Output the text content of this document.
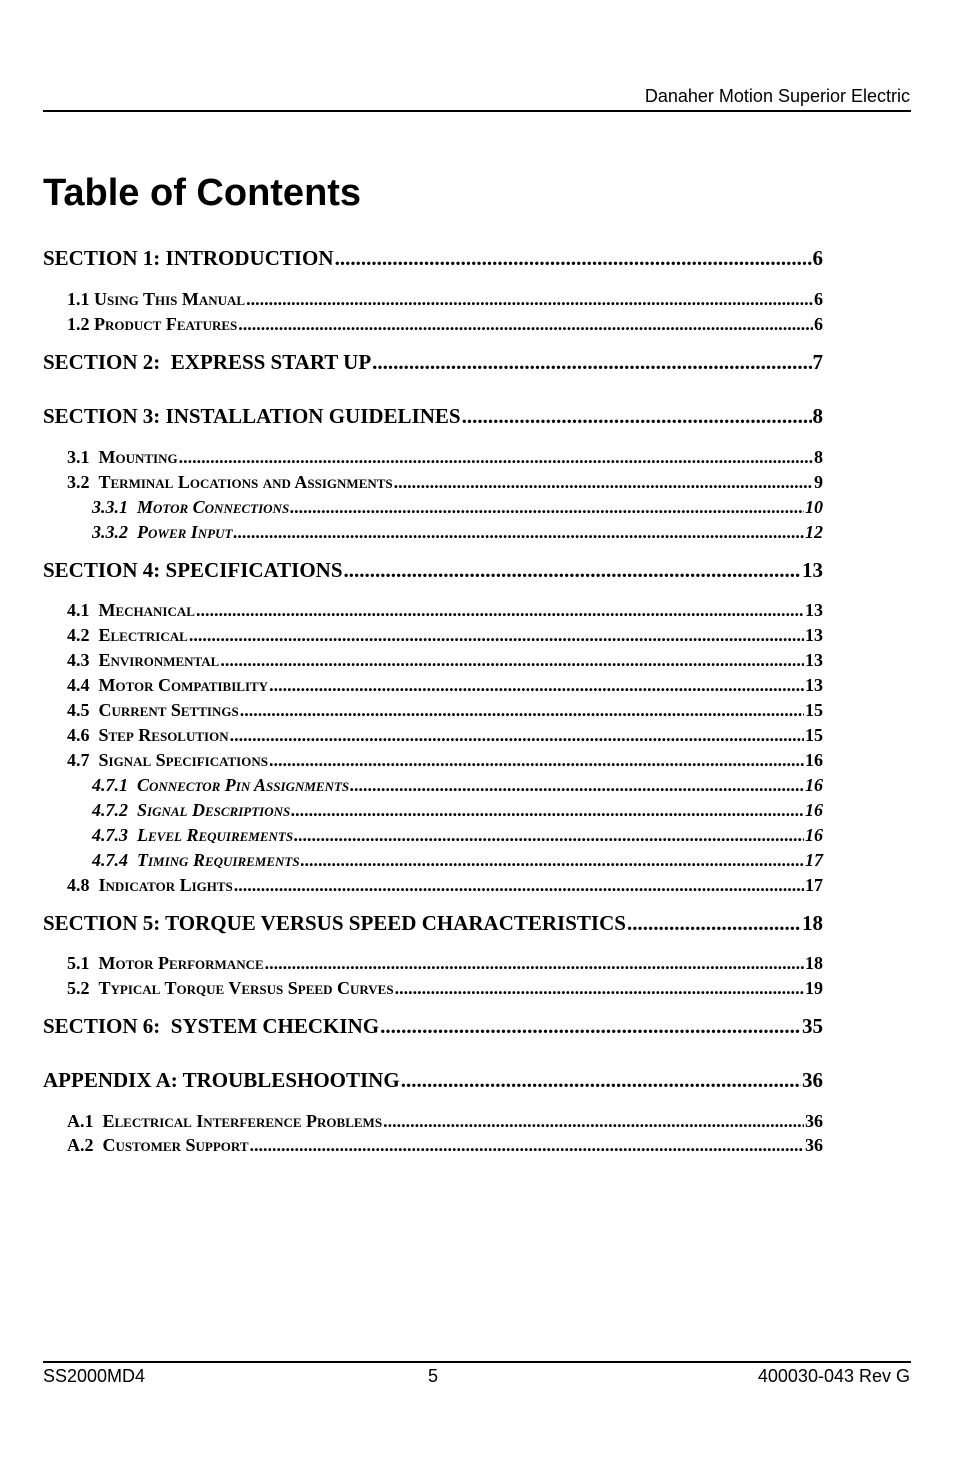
Danaher Motion Superior Electric
Table of Contents
SECTION 1: INTRODUCTION .....	6
1.1 Using This Manual .....	6
1.2 Product Features .....	6
SECTION 2: EXPRESS START UP .....	7
SECTION 3: INSTALLATION GUIDELINES .....	8
3.1 Mounting .....	8
3.2 Terminal Locations and Assignments .....	9
3.3.1 Motor Connections .....	10
3.3.2 Power Input .....	12
SECTION 4: SPECIFICATIONS .....	13
4.1 Mechanical .....	13
4.2 Electrical .....	13
4.3 Environmental .....	13
4.4 Motor Compatibility .....	13
4.5 Current Settings .....	15
4.6 Step Resolution .....	15
4.7 Signal Specifications .....	16
4.7.1 Connector Pin Assignments .....	16
4.7.2 Signal Descriptions .....	16
4.7.3 Level Requirements .....	16
4.7.4 Timing Requirements .....	17
4.8 Indicator Lights .....	17
SECTION 5: TORQUE VERSUS SPEED CHARACTERISTICS .....	18
5.1 Motor Performance .....	18
5.2 Typical Torque Versus Speed Curves .....	19
SECTION 6: SYSTEM CHECKING .....	35
APPENDIX A: TROUBLESHOOTING .....	36
A.1 Electrical Interference Problems .....	36
A.2 Customer Support .....	36
SS2000MD4	5	400030-043 Rev G
